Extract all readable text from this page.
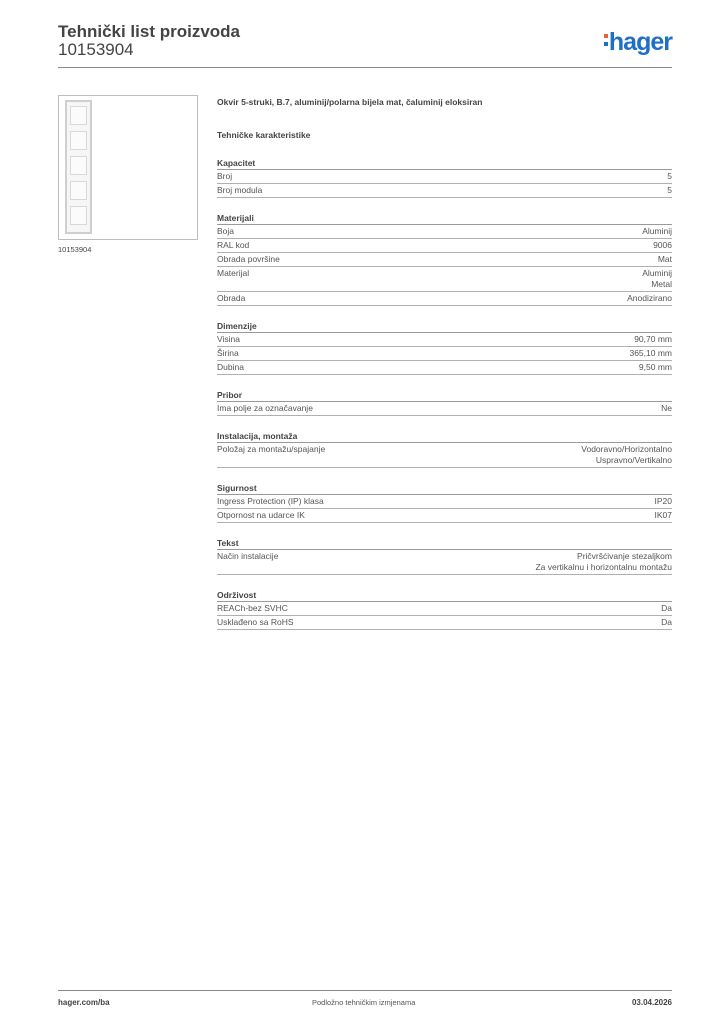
Tehnički list proizvoda
10153904	hager
10153904
Okvir 5-struki, B.7, aluminij/polarna bijela mat, čaluminij eloksiran
Tehničke karakteristike
Kapacitet
Broj	5
Broj modula	5
Materijali
Boja	Aluminij
RAL kod	9006
Obrada površine	Mat
Materijal	Aluminij
Metal
Obrada	Anodizirano
Dimenzije
Visina	90,70 mm
Širina	365,10 mm
Dubina	9,50 mm
Pribor
Ima polje za označavanje	Ne
Instalacija, montaža
Položaj za montažu/spajanje	Vodoravno/Horizontalno
Uspravno/Vertikalno
Sigurnost
Ingress Protection (IP) klasa	IP20
Otpornost na udarce IK	IK07
Tekst
Način instalacije	Pričvršćivanje stezaljkom
Za vertikalnu i horizontalnu montažu
Održivost
REACh-bez SVHC	Da
Usklađeno sa RoHS	Da
hager.com/ba	Podložno tehničkim izmjenama	03.04.2026
